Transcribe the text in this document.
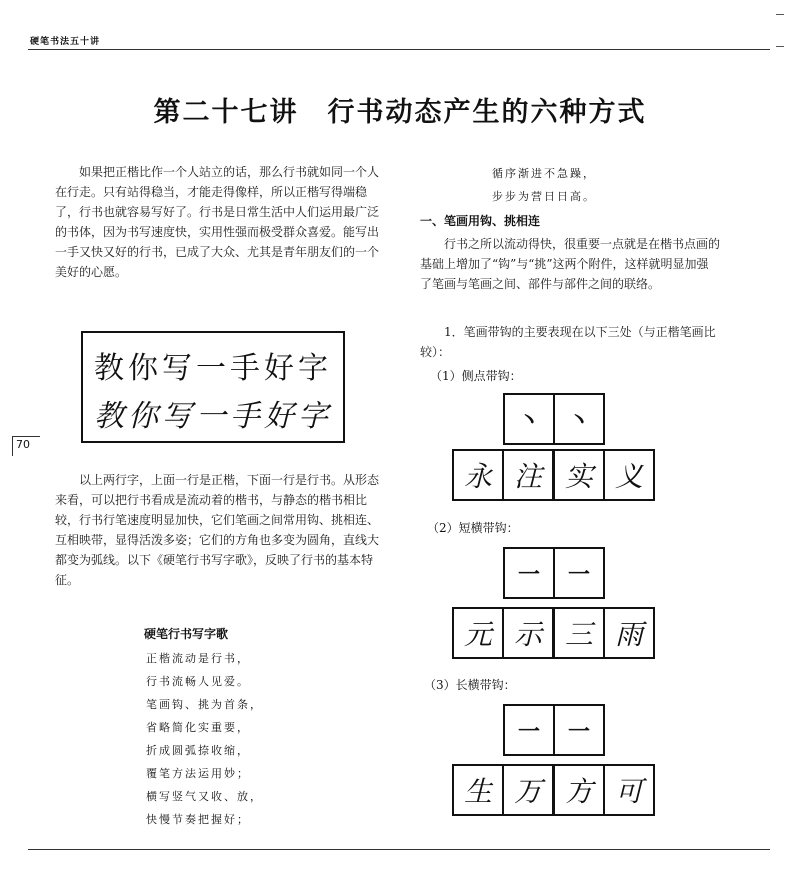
硬笔书法五十讲
第二十七讲　行书动态产生的六种方式
如果把正楷比作一个人站立的话，那么行书就如同一个人在行走。只有站得稳当，才能走得像样，所以正楷写得端稳了，行书也就容易写好了。行书是日常生活中人们运用最广泛的书体，因为书写速度快，实用性强而极受群众喜爱。能写出一手又快又好的行书，已成了大众、尤其是青年朋友们的一个美好的心愿。
教你写一手好字
教你写一手好字
70
以上两行字，上面一行是正楷，下面一行是行书。从形态来看，可以把行书看成是流动着的楷书，与静态的楷书相比较，行书行笔速度明显加快，它们笔画之间常用钩、挑相连、互相映带，显得活泼多姿；它们的方角也多变为圆角，直线大都变为弧线。以下《硬笔行书写字歌》，反映了行书的基本特征。
硬笔行书写字歌
正楷流动是行书，
行书流畅人见爱。
笔画钩、挑为首条，
省略简化实重要，
折成圆弧捺收缩，
覆笔方法运用妙；
横写竖气又收、放，
快慢节奏把握好；
循序渐进不急躁，
步步为营日日高。
一、笔画用钩、挑相连
行书之所以流动得快，很重要一点就是在楷书点画的基础上增加了“钩”与“挑”这两个附件，这样就明显加强了笔画与笔画之间、部件与部件之间的联络。
1．笔画带钩的主要表现在以下三处（与正楷笔画比较）：
（1）侧点带钩：
丶	丶
永 注 实 义
（2）短横带钩：
一	一
元 示 三 雨
（3）长横带钩：
一	一
生 万 方 可
